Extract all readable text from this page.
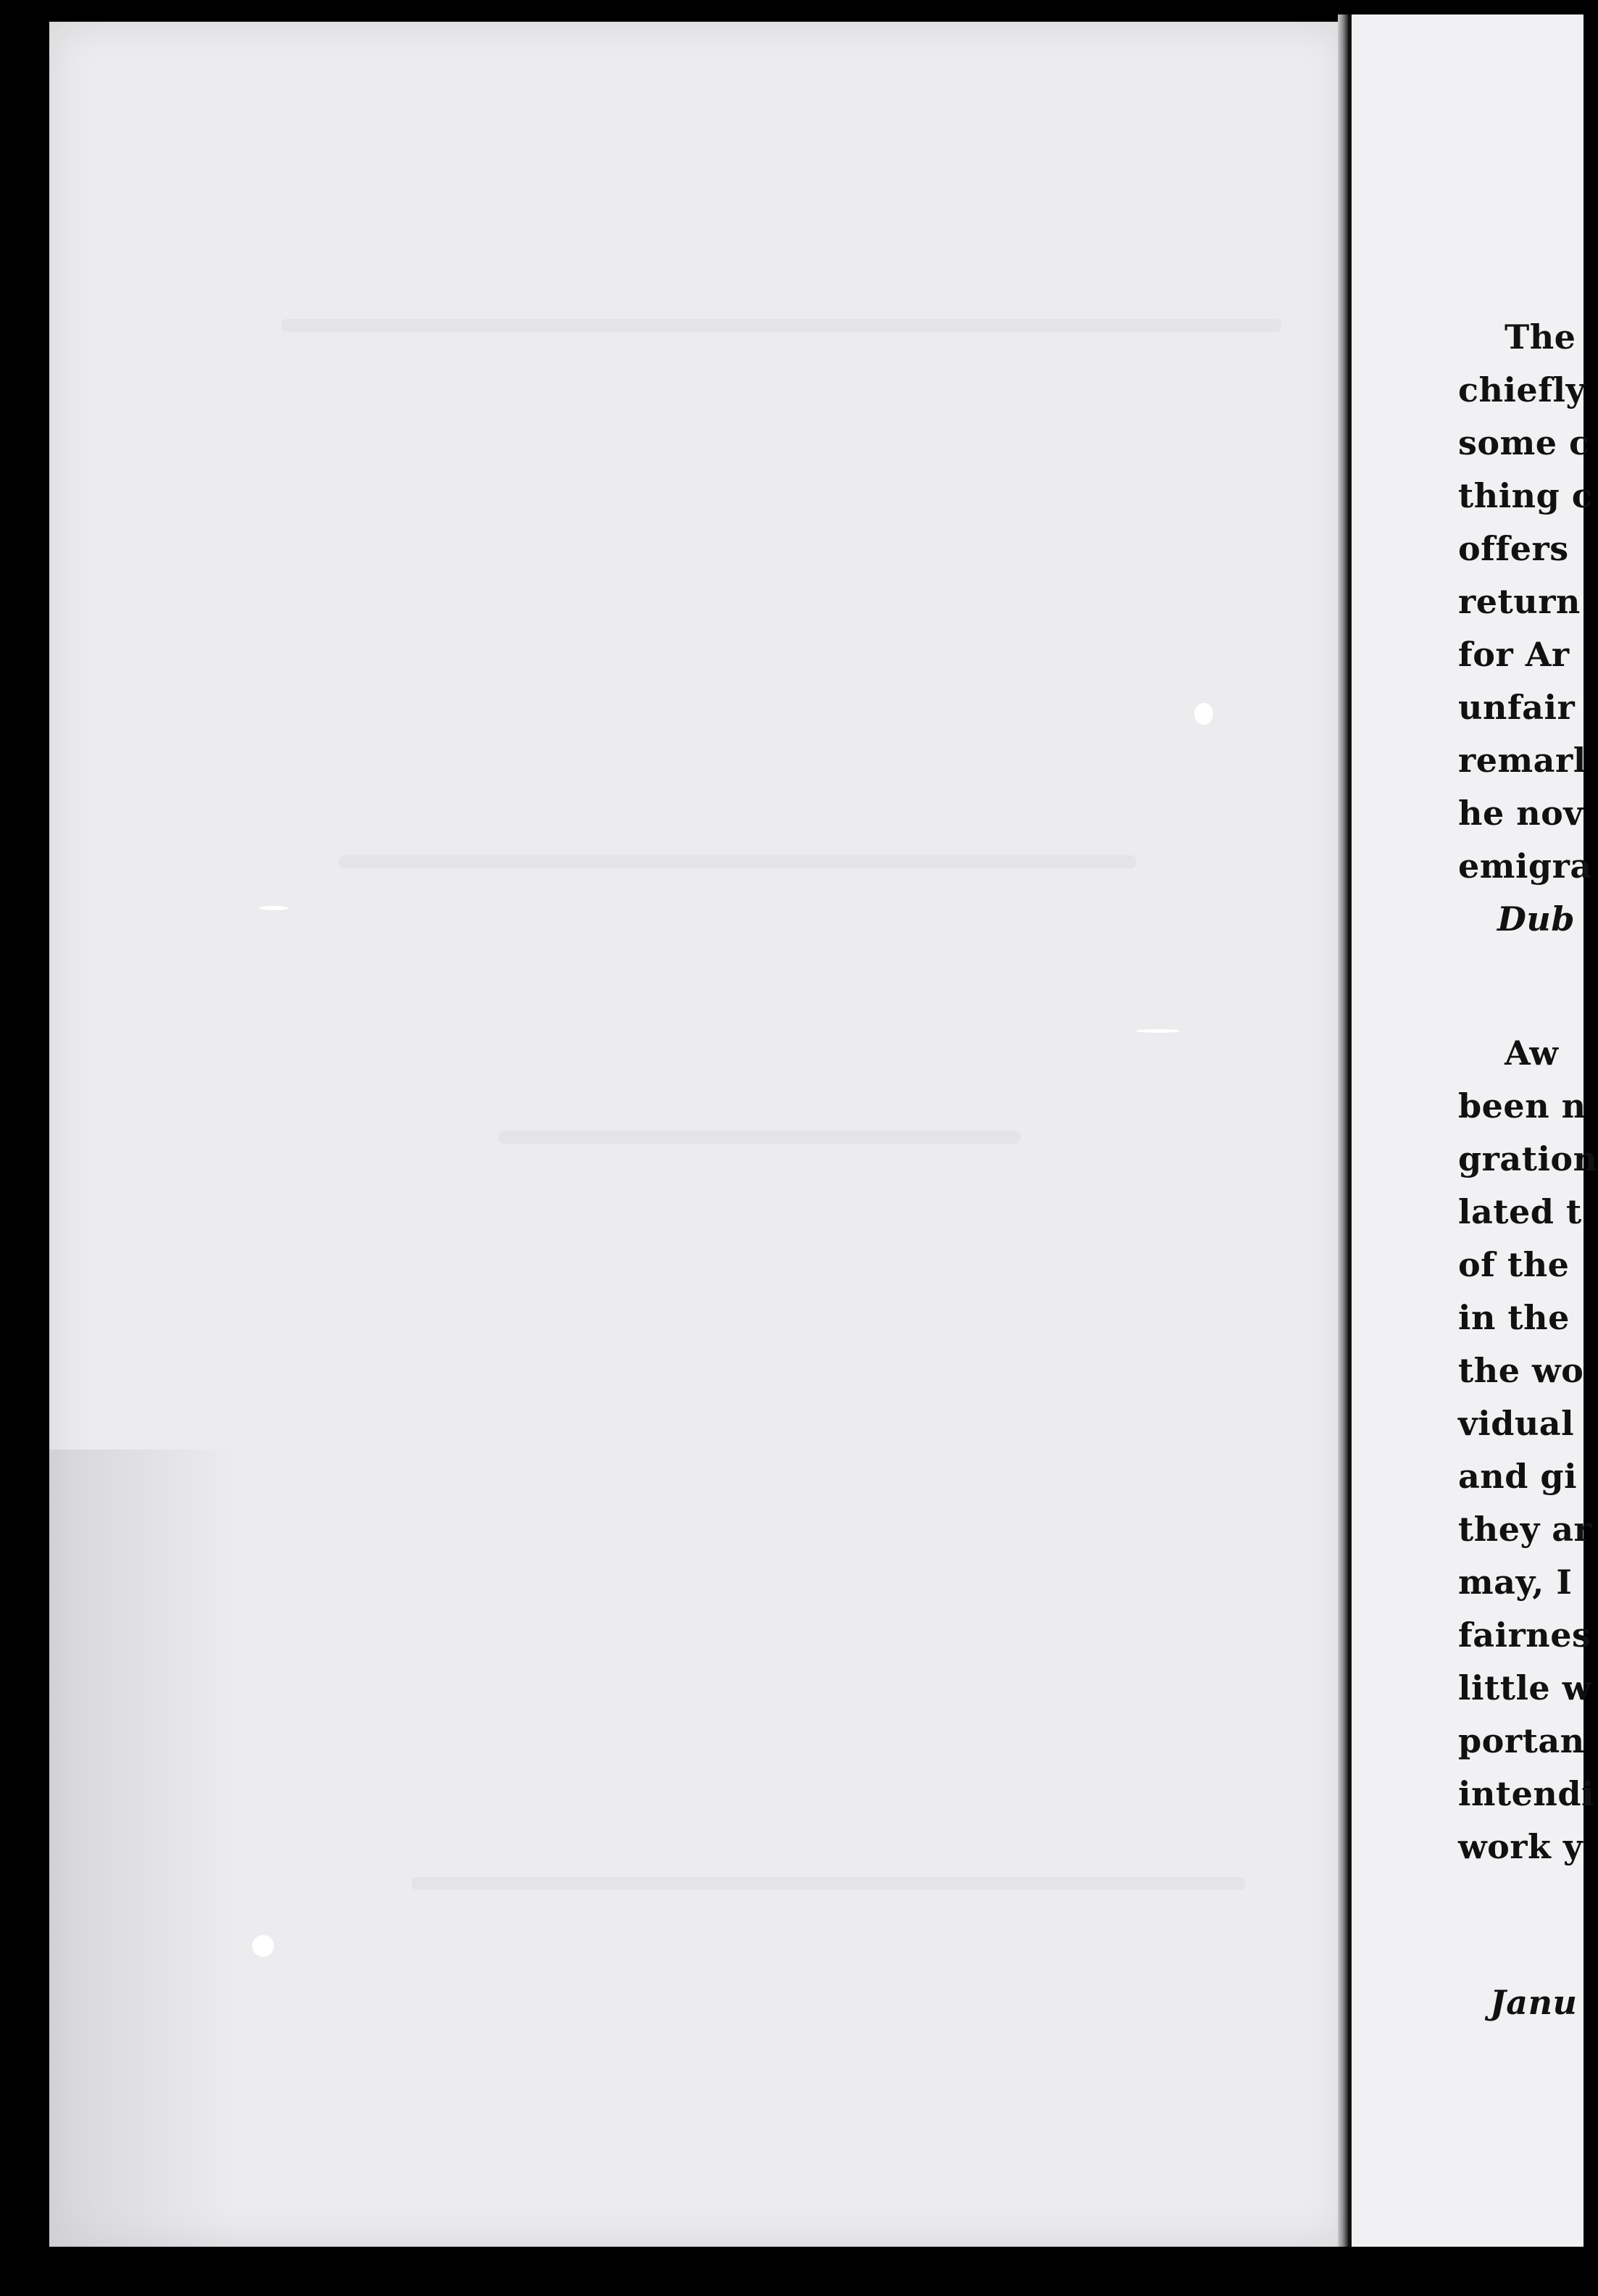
The
chiefly
some c
thing c
offers
return
for Ar
unfair
remarl
he nov
emigra
Dub
Aw
been n
gration
lated t
of the
in the
the wo
vidual
and gi
they ar
may, I
fairnes
little w
portan
intendi
work y
Janu
